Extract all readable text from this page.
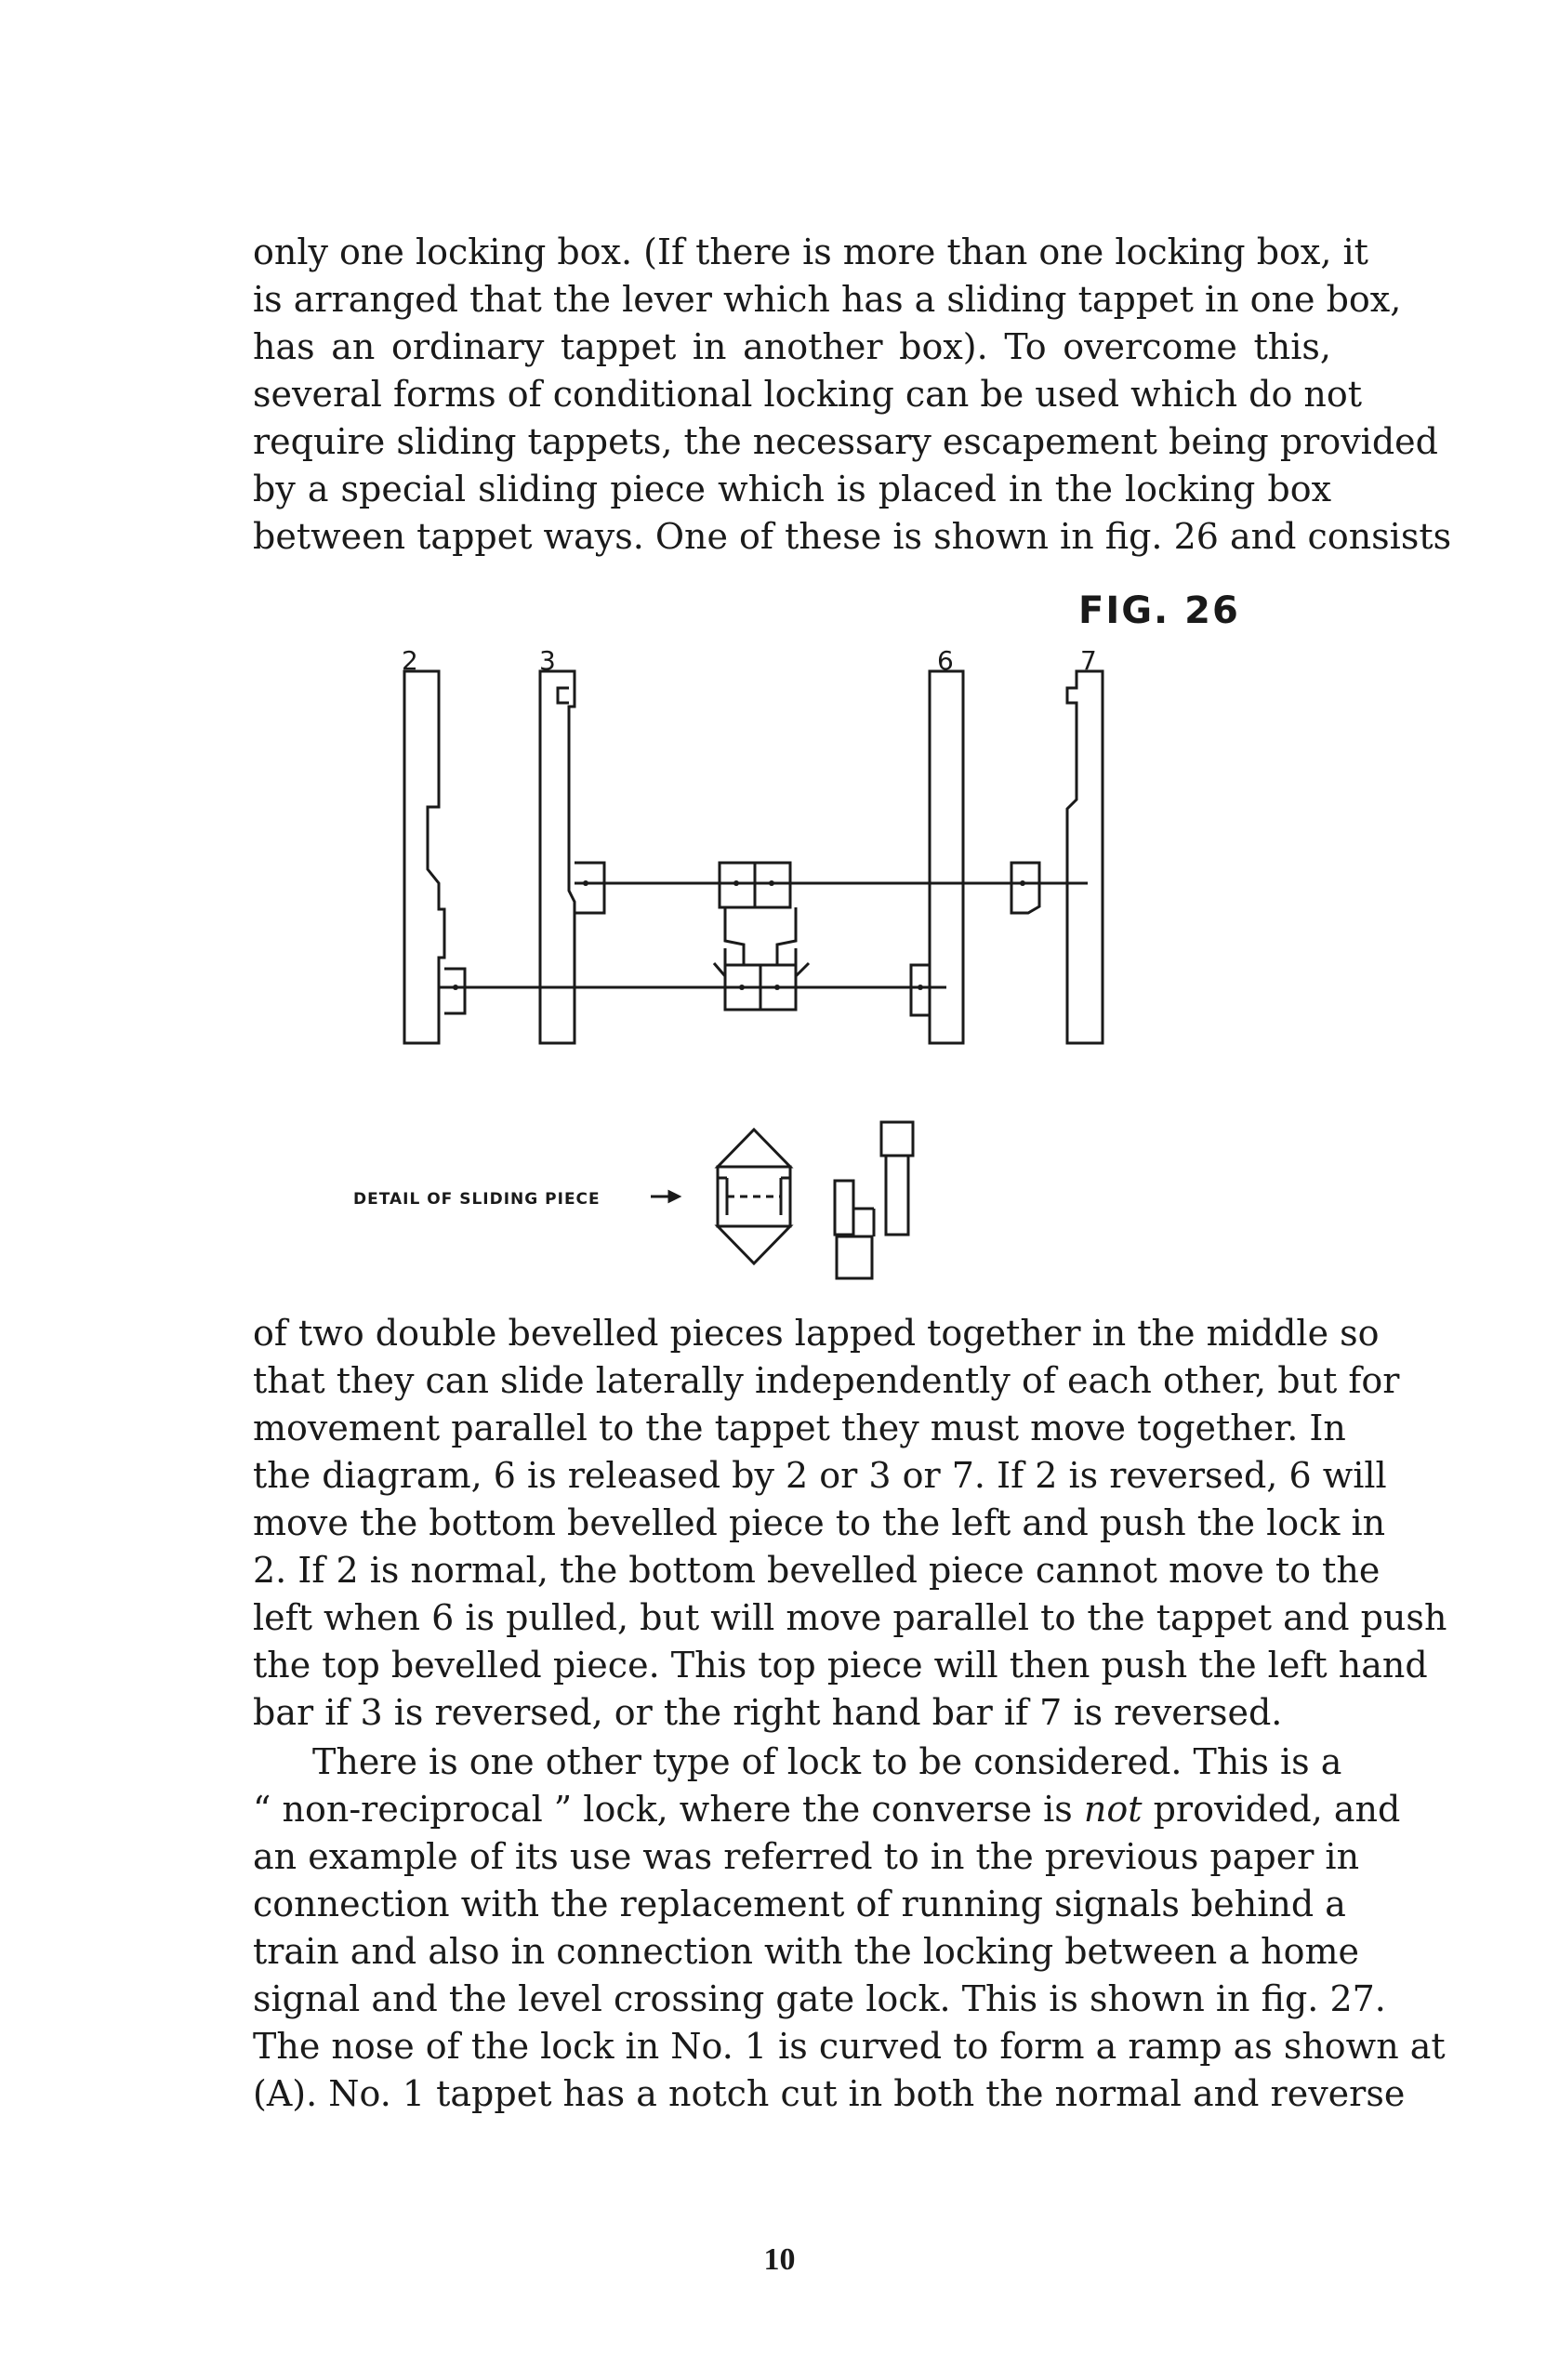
only one locking box. (If there is more than one locking box, it
is arranged that the lever which has a sliding tappet in one box,
has an ordinary tappet in another box). To overcome this,
several forms of conditional locking can be used which do not
require sliding tappets, the necessary escapement being provided
by a special sliding piece which is placed in the locking box
between tappet ways. One of these is shown in fig. 26 and consists

FIG. 26
2	3	6	7
DETAIL OF SLIDING PIECE

of two double bevelled pieces lapped together in the middle so
that they can slide laterally independently of each other, but for
movement parallel to the tappet they must move together. In
the diagram, 6 is released by 2 or 3 or 7. If 2 is reversed, 6 will
move the bottom bevelled piece to the left and push the lock in
2. If 2 is normal, the bottom bevelled piece cannot move to the
left when 6 is pulled, but will move parallel to the tappet and push
the top bevelled piece. This top piece will then push the left hand
bar if 3 is reversed, or the right hand bar if 7 is reversed.

There is one other type of lock to be considered. This is a
“ non-reciprocal ” lock, where the converse is not provided, and
an example of its use was referred to in the previous paper in
connection with the replacement of running signals behind a
train and also in connection with the locking between a home
signal and the level crossing gate lock. This is shown in fig. 27.
The nose of the lock in No. 1 is curved to form a ramp as shown at
(A). No. 1 tappet has a notch cut in both the normal and reverse

10
